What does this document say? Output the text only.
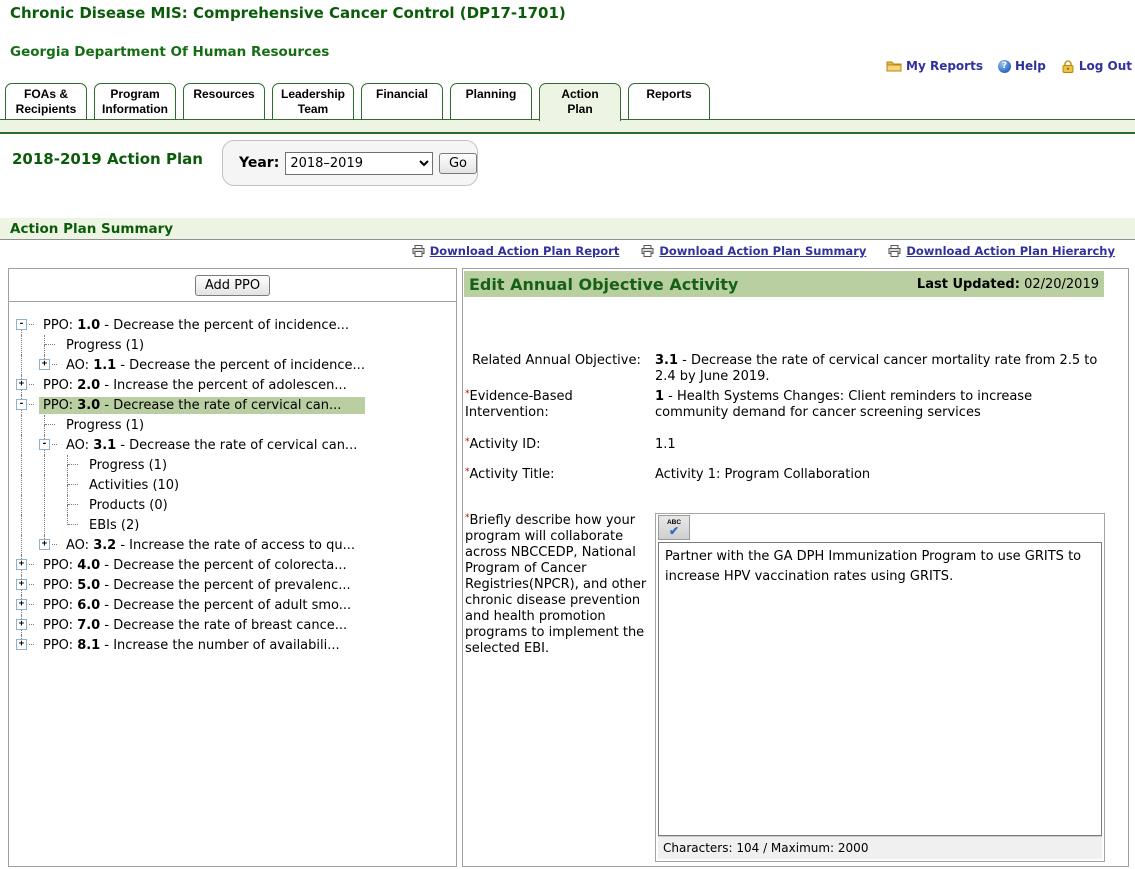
Chronic Disease MIS: Comprehensive Cancer Control (DP17-1701)
Georgia Department Of Human Resources
My Reports	? Help	Log Out
FOAs &
Recipients
Program
Information
Resources	Leadership
Team
Financial	Planning	Action
Plan
Reports
2018-2019 Action Plan	Year:
2018–2019	Go
Action Plan Summary
Download Action Plan Report	Download Action Plan Summary	Download Action Plan Hierarchy
Add PPO
-	PPO: 1.0 - Decrease the percent of incidence...
Progress (1)
+	AO: 1.1 - Decrease the percent of incidence...
+	PPO: 2.0 - Increase the percent of adolescen...
-	PPO: 3.0 - Decrease the rate of cervical can...
Progress (1)
-	AO: 3.1 - Decrease the rate of cervical can...
Progress (1)
Activities (10)
Products (0)
EBIs (2)
+	AO: 3.2 - Increase the rate of access to qu...
+	PPO: 4.0 - Decrease the percent of colorecta...
+	PPO: 5.0 - Decrease the percent of prevalenc...
+	PPO: 6.0 - Decrease the percent of adult smo...
+	PPO: 7.0 - Decrease the rate of breast cance...
+	PPO: 8.1 - Increase the number of availabili...
Edit Annual Objective Activity	Last Updated: 02/20/2019
Related Annual Objective:	3.1 - Decrease the rate of cervical cancer mortality rate from 2.5 to 2.4 by June 2019.
*Evidence-Based Intervention:
1 - Health Systems Changes: Client reminders to increase community demand for cancer screening services
*Activity ID:	1.1
*Activity Title:	Activity 1: Program Collaboration
*Briefly describe how your program will collaborate across NBCCEDP, National Program of Cancer Registries(NPCR), and other chronic disease prevention and health promotion programs to implement the selected EBI.
ABC
✔
Partner with the GA DPH Immunization Program to use GRITS to increase HPV vaccination rates using GRITS.
Characters: 104 / Maximum: 2000
